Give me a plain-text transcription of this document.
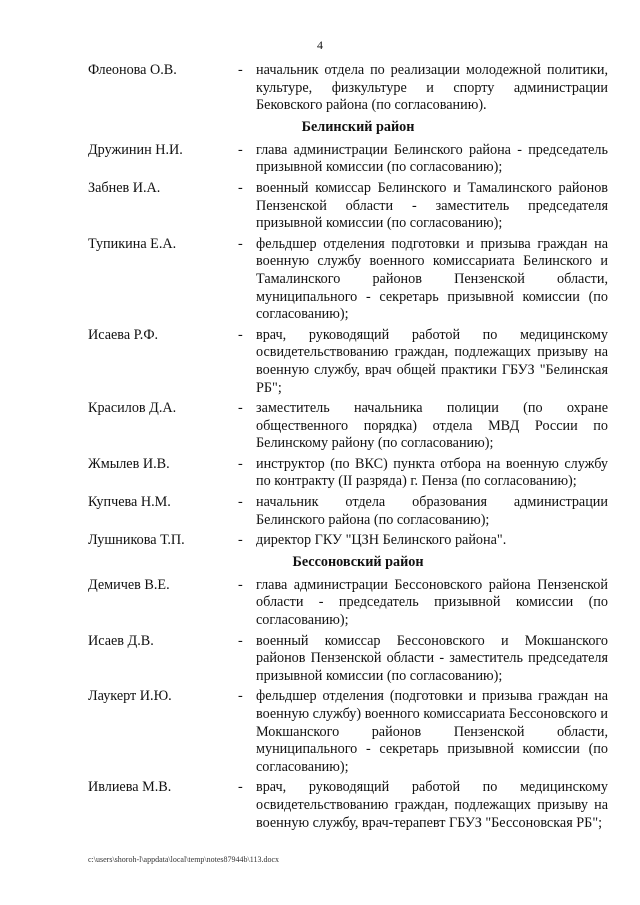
4
Флеонова О.В.	- начальник отдела по реализации молодежной политики, культуре, физкультуре и спорту администрации Бековского района (по согласованию).
Белинский район
Дружинин Н.И.	- глава администрации Белинского района - председатель призывной комиссии (по согласованию);
Забнев И.А.	- военный комиссар Белинского и Тамалинского районов Пензенской области - заместитель председателя призывной комиссии (по согласованию);
Тупикина Е.А.	- фельдшер отделения подготовки и призыва граждан на военную службу военного комиссариата Белинского и Тамалинского районов Пензенской области, муниципального - секретарь призывной комиссии (по согласованию);
Исаева Р.Ф.	- врач, руководящий работой по медицинскому освидетельствованию граждан, подлежащих призыву на военную службу, врач общей практики ГБУЗ "Белинская РБ";
Красилов Д.А.	- заместитель начальника полиции (по охране общественного порядка) отдела МВД России по Белинскому району (по согласованию);
Жмылев И.В.	- инструктор (по ВКС) пункта отбора на военную службу по контракту (II разряда) г. Пенза (по согласованию);
Купчева Н.М.	- начальник отдела образования администрации Белинского района (по согласованию);
Лушникова Т.П.	- директор ГКУ "ЦЗН Белинского района".
Бессоновский район
Демичев В.Е.	- глава администрации Бессоновского района Пензенской области - председатель призывной комиссии (по согласованию);
Исаев Д.В.	- военный комиссар Бессоновского и Мокшанского районов Пензенской области - заместитель председателя призывной комиссии (по согласованию);
Лаукерт И.Ю.	- фельдшер отделения (подготовки и призыва граждан на военную службу) военного комиссариата Бессоновского и Мокшанского районов Пензенской области, муниципального - секретарь призывной комиссии (по согласованию);
Ивлиева М.В.	- врач, руководящий работой по медицинскому освидетельствованию граждан, подлежащих призыву на военную службу, врач-терапевт ГБУЗ "Бессоновская РБ";
c:\users\shoroh-l\appdata\local\temp\notes87944b\113.docx
